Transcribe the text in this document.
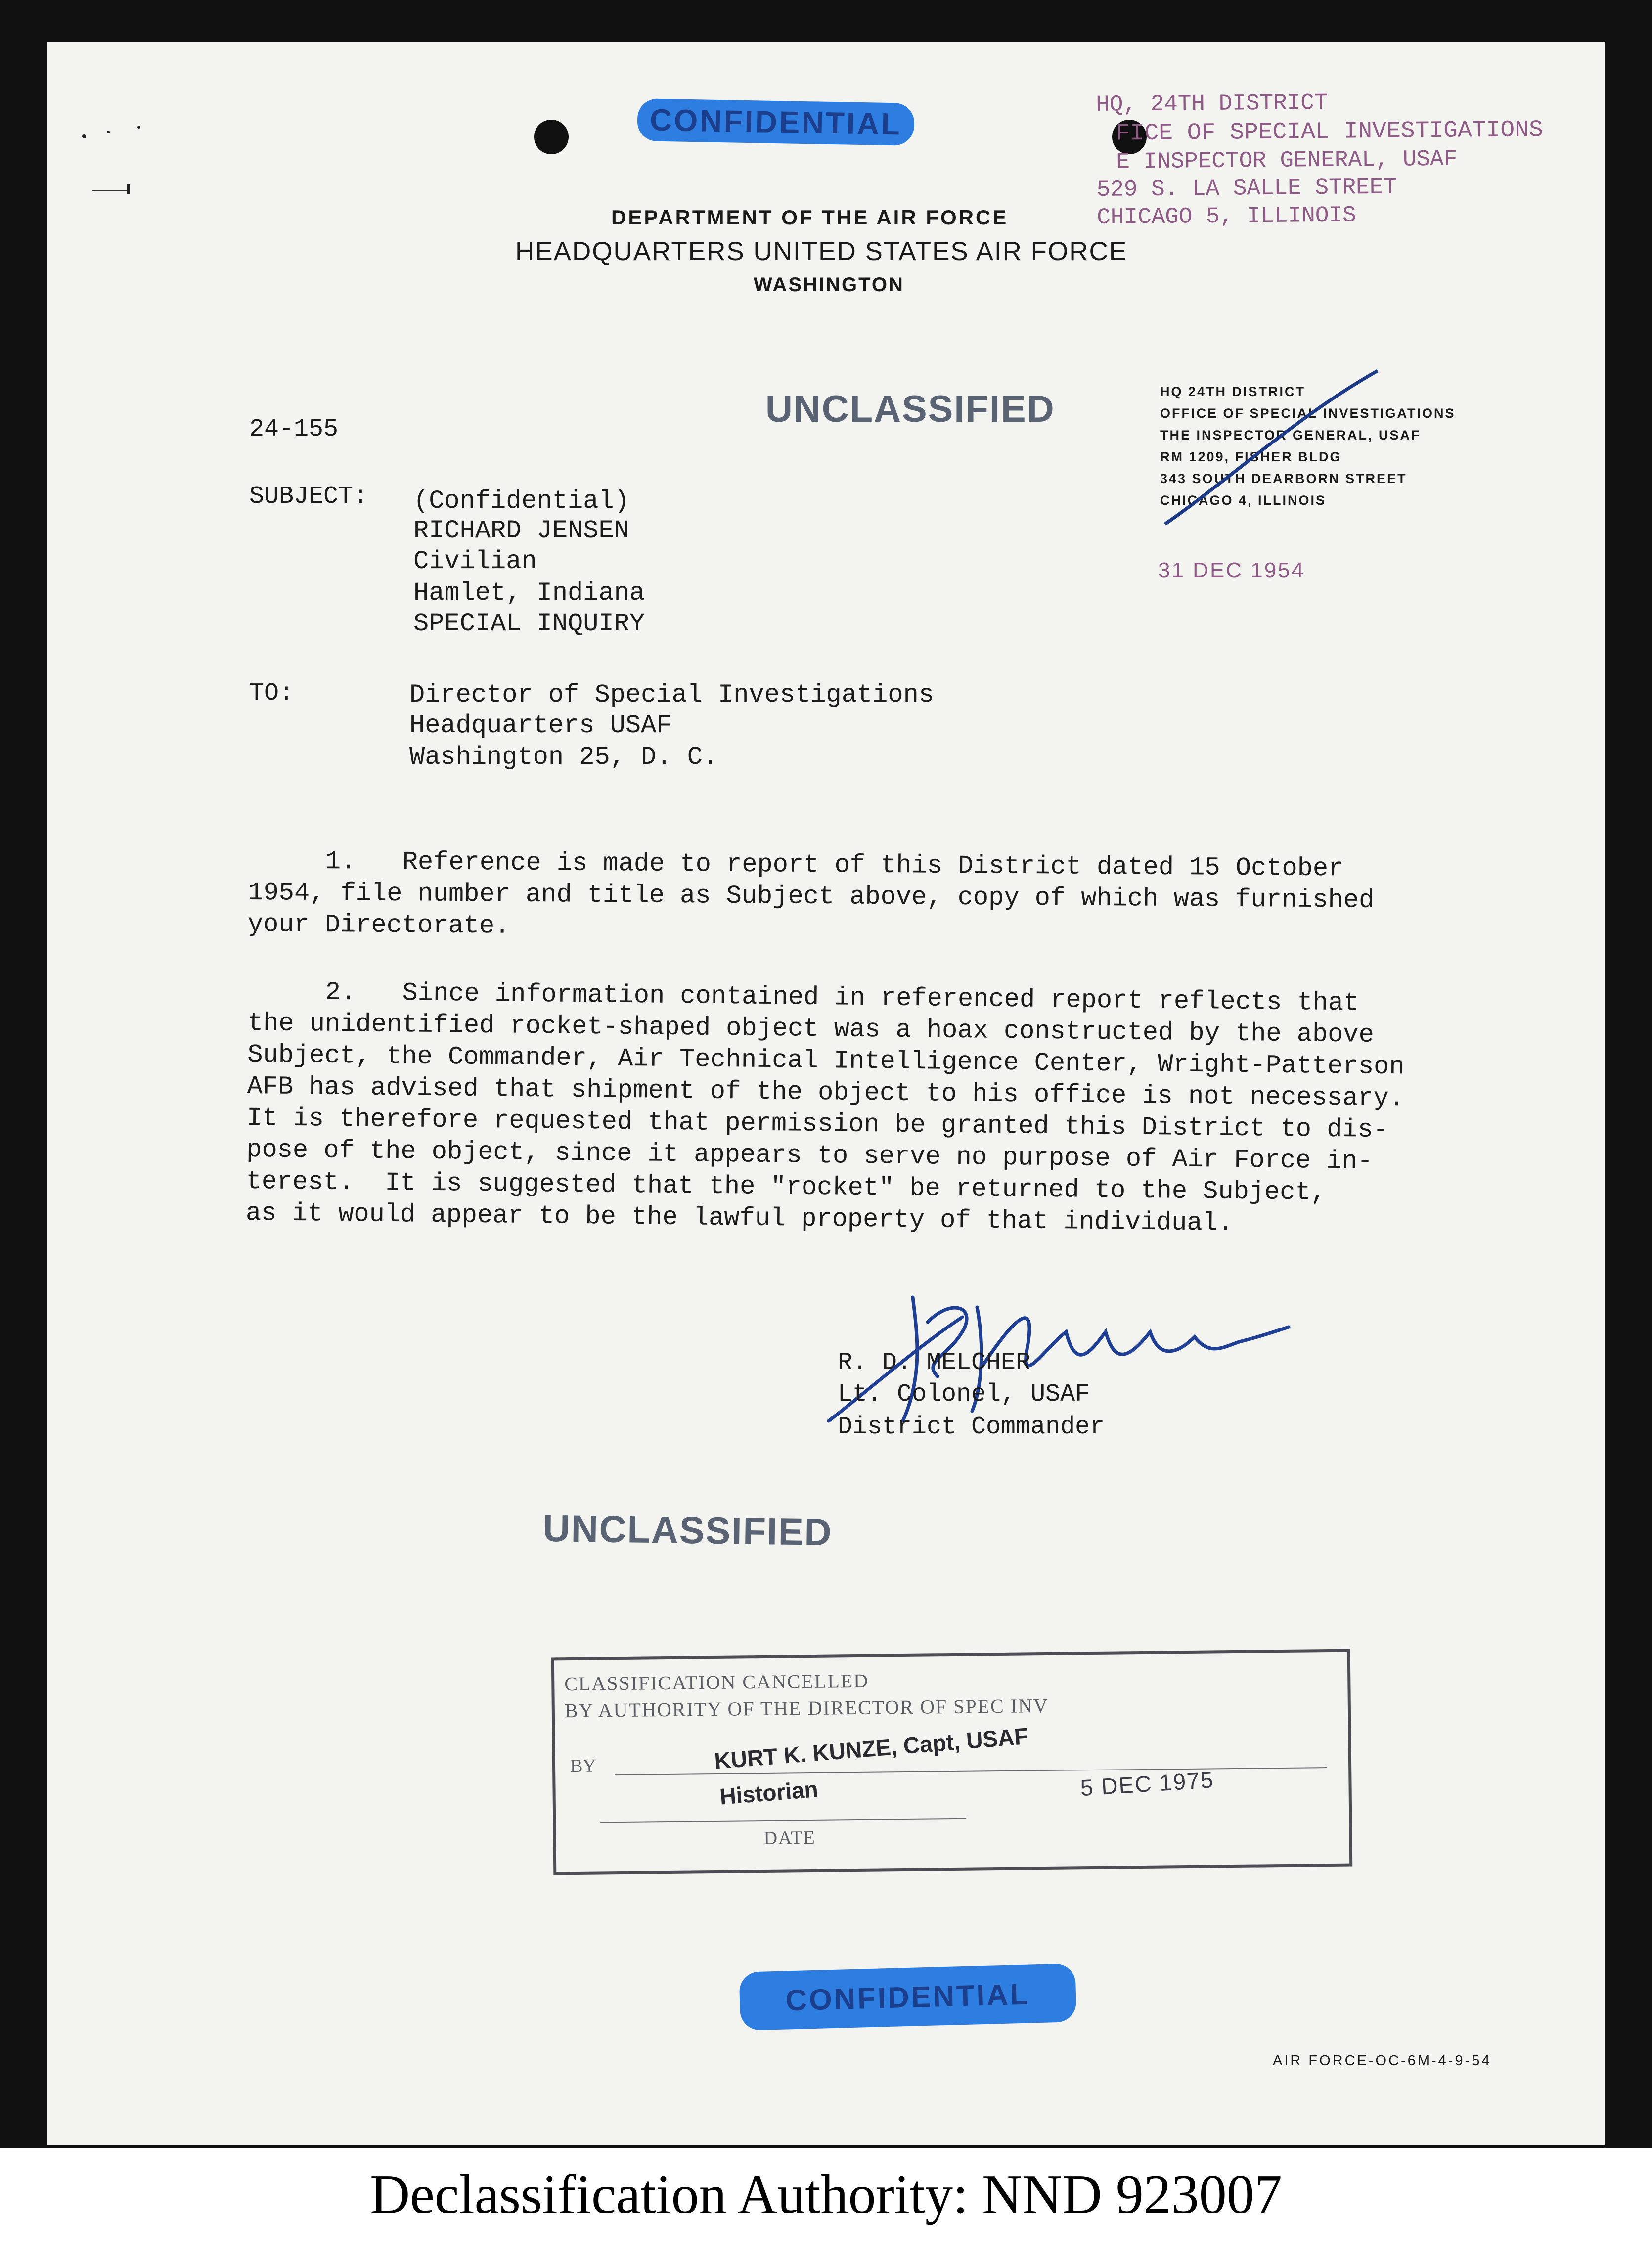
CONFIDENTIAL
DEPARTMENT OF THE AIR FORCE
HEADQUARTERS UNITED STATES AIR FORCE
WASHINGTON
HQ, 24TH DISTRICT
FICE OF SPECIAL INVESTIGATIONS
E INSPECTOR GENERAL, USAF
529 S. LA SALLE STREET
CHICAGO 5, ILLINOIS
UNCLASSIFIED	HQ 24TH DISTRICT
OFFICE OF SPECIAL INVESTIGATIONS
THE INSPECTOR GENERAL, USAF
RM 1209, FISHER BLDG
343 SOUTH DEARBORN STREET
CHICAGO 4, ILLINOIS
31 DEC 1954
24-155
SUBJECT: (Confidential)
RICHARD JENSEN
Civilian
Hamlet, Indiana
SPECIAL INQUIRY
TO:	Director of Special Investigations
Headquarters USAF
Washington 25, D. C.
1.   Reference is made to report of this District dated 15 October
1954, file number and title as Subject above, copy of which was furnished
your Directorate.
2.   Since information contained in referenced report reflects that
the unidentified rocket-shaped object was a hoax constructed by the above
Subject, the Commander, Air Technical Intelligence Center, Wright-Patterson
AFB has advised that shipment of the object to his office is not necessary.
It is therefore requested that permission be granted this District to dis-
pose of the object, since it appears to serve no purpose of Air Force in-
terest.  It is suggested that the "rocket" be returned to the Subject,
as it would appear to be the lawful property of that individual.
R. D. MELCHER
Lt. Colonel, USAF
District Commander
UNCLASSIFIED
CLASSIFICATION CANCELLED
BY AUTHORITY OF THE DIRECTOR OF SPEC INV
BY	KURT K. KUNZE, Capt, USAF
Historian	5 DEC 1975
DATE
CONFIDENTIAL
AIR FORCE-OC-6M-4-9-54
Declassification Authority: NND 923007
